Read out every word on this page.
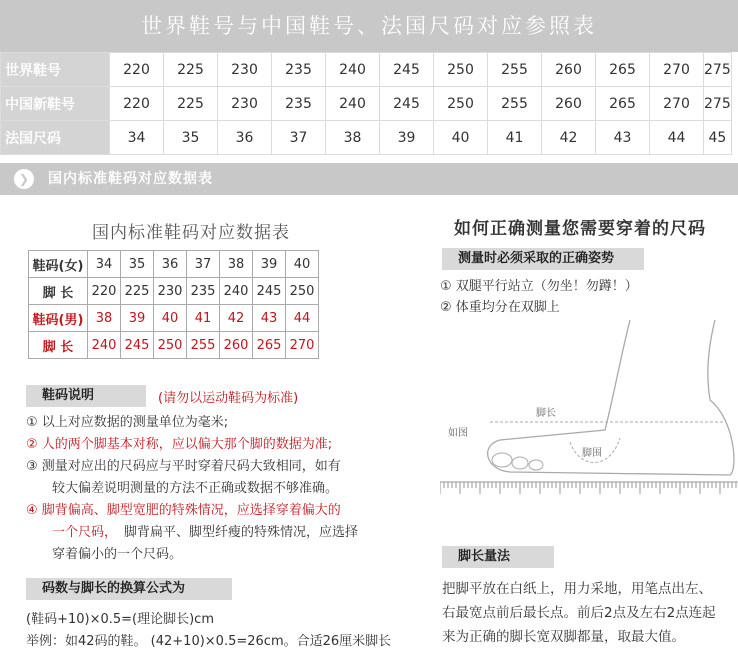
世界鞋号与中国鞋号、法国尺码对应参照表
世界鞋号	220	225	230	235	240	245	250	255	260	265	270	275
中国新鞋号	220	225	230	235	240	245	250	255	260	265	270	275
法国尺码	34	35	36	37	38	39	40	41	42	43	44	45
❯	国内标准鞋码对应数据表
国内标准鞋码对应数据表
鞋码(女)	34	35	36	37	38	39	40
脚 长	220	225	230	235	240	245	250
鞋码(男)	38	39	40	41	42	43	44
脚 长	240	245	250	255	260	265	270
鞋码说明	(请勿以运动鞋码为标准)
① 以上对应数据的测量单位为毫米;
② 人的两个脚基本对称，应以偏大那个脚的数据为准;
③ 测量对应出的尺码应与平时穿着尺码大致相同，如有
较大偏差说明测量的方法不正确或数据不够准确。
④ 脚背偏高、脚型宽肥的特殊情况，应选择穿着偏大的
一个尺码， 脚背扁平、脚型纤瘦的特殊情况，应选择
穿着偏小的一个尺码。
码数与脚长的换算公式为
(鞋码+10)×0.5=(理论脚长)cm
举例：如42码的鞋。 (42+10)×0.5=26cm。合适26厘米脚长
如何正确测量您需要穿着的尺码
测量时必须采取的正确姿势
① 双腿平行站立（勿坐！勿蹲！）
② 体重均分在双脚上
脚长
如图
脚围
脚长量法
把脚平放在白纸上，用力采地，用笔点出左、
右最宽点前后最长点。前后2点及左右2点连起
来为正确的脚长宽双脚都量，取最大值。
